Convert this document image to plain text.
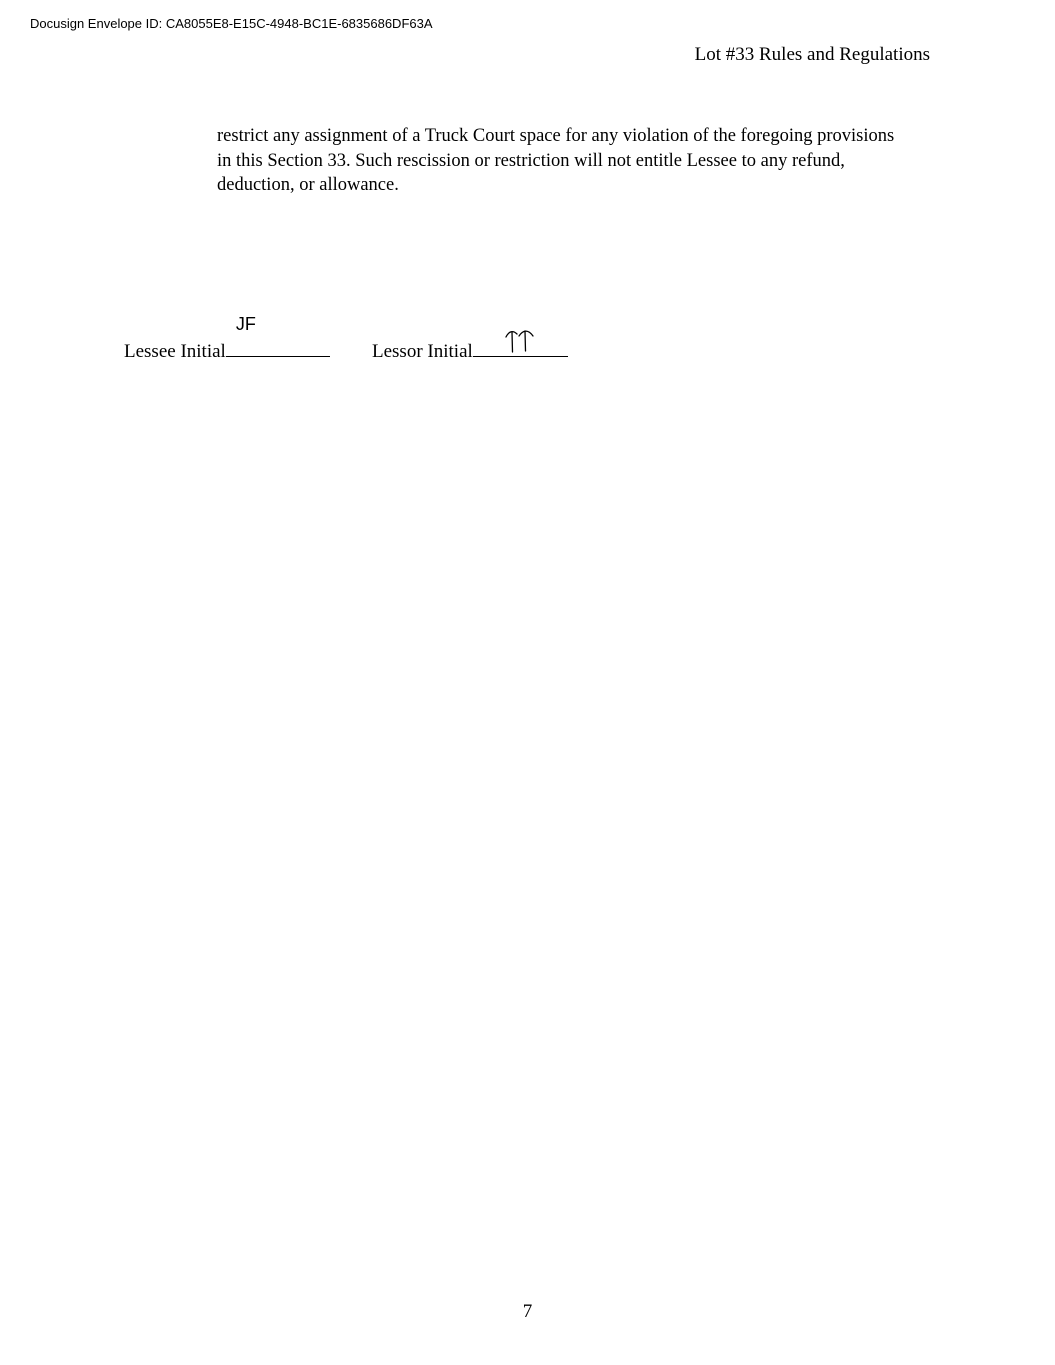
Docusign Envelope ID: CA8055E8-E15C-4948-BC1E-6835686DF63A
Lot #33 Rules and Regulations
restrict any assignment of a Truck Court space for any violation of the foregoing provisions
in this Section 33. Such rescission or restriction will not entitle Lessee to any refund,
deduction, or allowance.
Lessee Initial
JF
Lessor Initial
7
